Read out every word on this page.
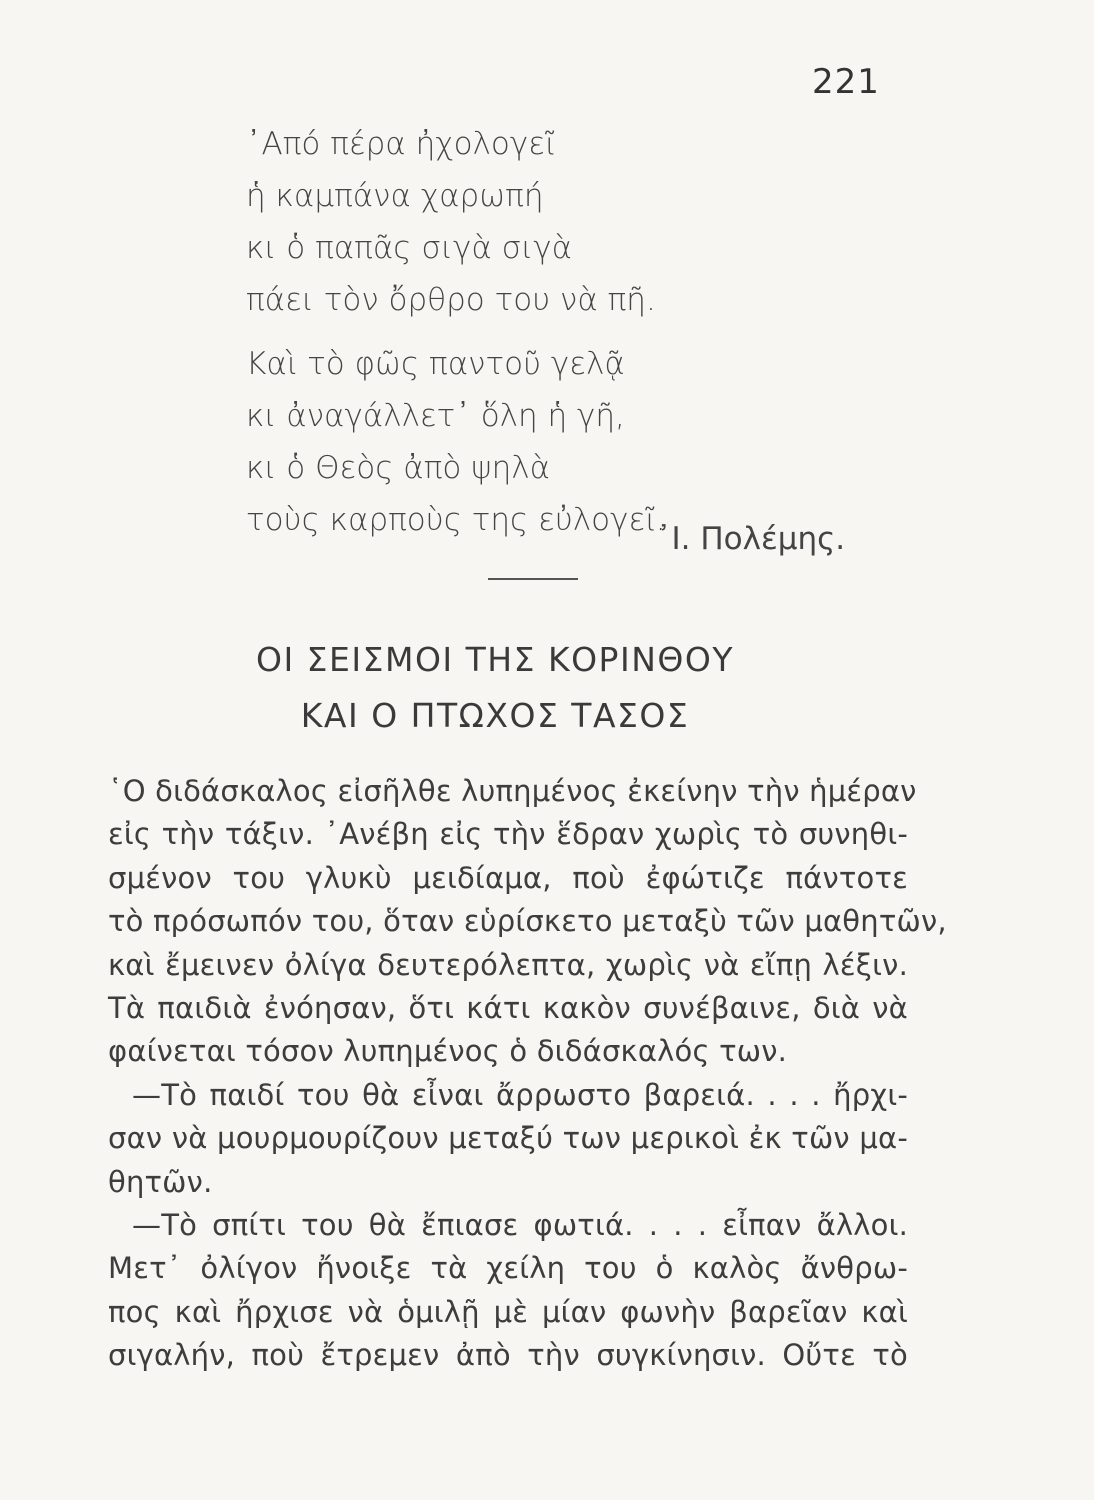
221
᾿Από πέρα ἠχολογεῖ
ἡ καμπάνα χαρωπή
κι ὁ παπᾶς σιγὰ σιγὰ
πάει τὸν ὄρθρο του νὰ πῆ.
Καὶ τὸ φῶς παντοῦ γελᾷ
κι ἀναγάλλετ᾽ ὅλη ἡ γῆ,
κι ὁ Θεὸς ἀπὸ ψηλὰ
τοὺς καρποὺς της εὐλογεῖ.
᾿Ι. Πολέμης.
ΟΙ ΣΕΙΣΜΟΙ ΤΗΣ ΚΟΡΙΝΘΟΥ
ΚΑΙ Ο ΠΤΩΧΟΣ ΤΑΣΟΣ
῾Ο διδάσκαλος εἰσῆλθε λυπημένος ἐκείνην τὴν ἡμέραν
εἰς τὴν τάξιν. ᾿Ανέβη εἰς τὴν ἕδραν χωρὶς τὸ συνηθι-
σμένον του γλυκὺ μειδίαμα, ποὺ ἐφώτιζε πάντοτε
τὸ πρόσωπόν του, ὅταν εὑρίσκετο μεταξὺ τῶν μαθητῶν,
καὶ ἔμεινεν ὀλίγα δευτερόλεπτα, χωρὶς νὰ εἴπῃ λέξιν.
Τὰ παιδιὰ ἐνόησαν, ὅτι κάτι κακὸν συνέβαινε, διὰ νὰ
φαίνεται τόσον λυπημένος ὁ διδάσκαλός των.
—Τὸ παιδί του θὰ εἶναι ἄρρωστο βαρειά. . . . ἤρχι-
σαν νὰ μουρμουρίζουν μεταξύ των μερικοὶ ἐκ τῶν μα-
θητῶν.
—Τὸ σπίτι του θὰ ἔπιασε φωτιά. . . . εἶπαν ἄλλοι.
Μετ᾽ ὀλίγον ἤνοιξε τὰ χείλη του ὁ καλὸς ἄνθρω-
πος καὶ ἤρχισε νὰ ὁμιλῇ μὲ μίαν φωνὴν βαρεῖαν καὶ
σιγαλήν, ποὺ ἔτρεμεν ἀπὸ τὴν συγκίνησιν. Οὔτε τὸ
